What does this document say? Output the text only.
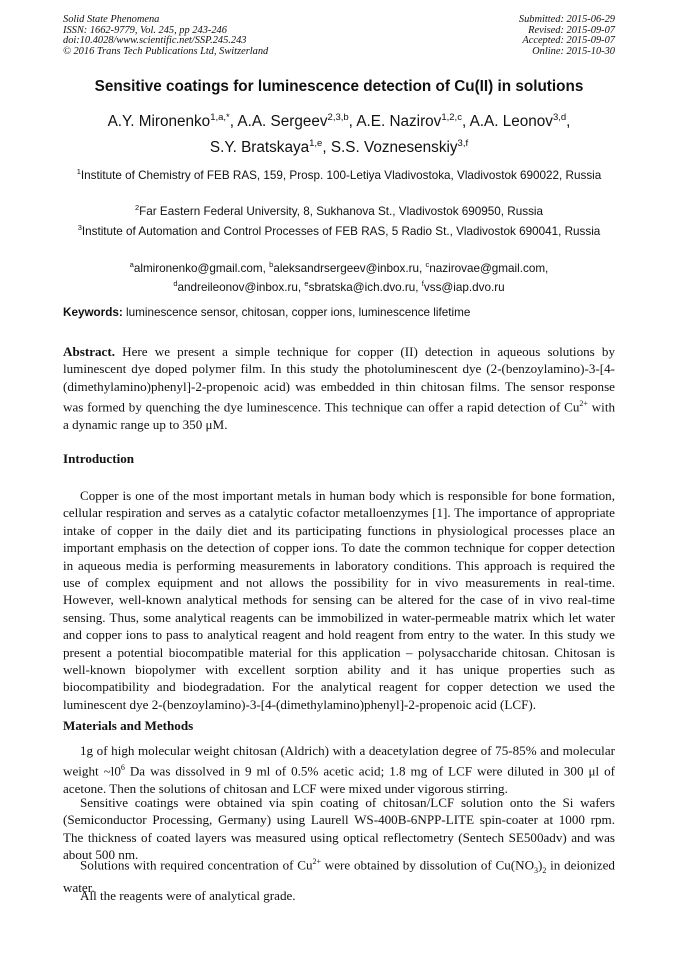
Solid State Phenomena
ISSN: 1662-9779, Vol. 245, pp 243-246
doi:10.4028/www.scientific.net/SSP.245.243
© 2016 Trans Tech Publications Ltd, Switzerland
Submitted: 2015-06-29
Revised: 2015-09-07
Accepted: 2015-09-07
Online: 2015-10-30
Sensitive coatings for luminescence detection of Cu(II) in solutions
A.Y. Mironenko$^{1,a,*}$, A.A. Sergeev$^{2,3,b}$, A.E. Nazirov$^{1,2,c}$, A.A. Leonov$^{3,d}$,
S.Y. Bratskaya$^{1,e}$, S.S. Voznesenskiy$^{3,f}$
$^1$Institute of Chemistry of FEB RAS, 159, Prosp. 100-Letiya Vladivostoka, Vladivostok 690022, Russia
$^2$Far Eastern Federal University, 8, Sukhanova St., Vladivostok 690950, Russia
$^3$Institute of Automation and Control Processes of FEB RAS, 5 Radio St., Vladivostok 690041, Russia
$^a$almironenko@gmail.com, $^b$aleksandrsergeev@inbox.ru, $^c$nazirovae@gmail.com,
$^d$andreileonov@inbox.ru, $^e$sbratska@ich.dvo.ru, $^f$vss@iap.dvo.ru
Keywords: luminescence sensor, chitosan, copper ions, luminescence lifetime
Abstract. Here we present a simple technique for copper (II) detection in aqueous solutions by luminescent dye doped polymer film. In this study the photoluminescent dye (2-(benzoylamino)-3-[4-(dimethylamino)phenyl]-2-propenoic acid) was embedded in thin chitosan films. The sensor response was formed by quenching the dye luminescence. This technique can offer a rapid detection of $Cu^{2+}$ with a dynamic range up to 350 μM.
Introduction
Copper is one of the most important metals in human body which is responsible for bone formation, cellular respiration and serves as a catalytic cofactor metalloenzymes [1]. The importance of appropriate intake of copper in the daily diet and its participating functions in physiological processes place an important emphasis on the detection of copper ions. To date the common technique for copper detection in aqueous media is performing measurements in laboratory conditions. This approach is required the use of complex equipment and not allows the possibility for in vivo measurements in real-time. However, well-known analytical methods for sensing can be altered for the case of in vivo real-time sensing. Thus, some analytical reagents can be immobilized in water-permeable matrix which let water and copper ions to pass to analytical reagent and hold reagent from entry to the water. In this study we present a potential biocompatible material for this application – polysaccharide chitosan. Chitosan is well-known biopolymer with excellent sorption ability and it has unique properties such as biocompatibility and biodegradation. For the analytical reagent for copper detection we used the luminescent dye 2-(benzoylamino)-3-[4-(dimethylamino)phenyl]-2-propenoic acid (LCF).
Materials and Methods
1g of high molecular weight chitosan (Aldrich) with a deacetylation degree of 75-85% and molecular weight $\sim l0^6$ Da was dissolved in 9 ml of 0.5% acetic acid; 1.8 mg of LCF were diluted in 300 μl of acetone. Then the solutions of chitosan and LCF were mixed under vigorous stirring.
Sensitive coatings were obtained via spin coating of chitosan/LCF solution onto the Si wafers (Semiconductor Processing, Germany) using Laurell WS-400B-6NPP-LITE spin-coater at 1000 rpm. The thickness of coated layers was measured using optical reflectometry (Sentech SE500adv) and was about 500 nm.
Solutions with required concentration of $Cu^{2+}$ were obtained by dissolution of $Cu(NO_3)_2$ in deionized water.
All the reagents were of analytical grade.
